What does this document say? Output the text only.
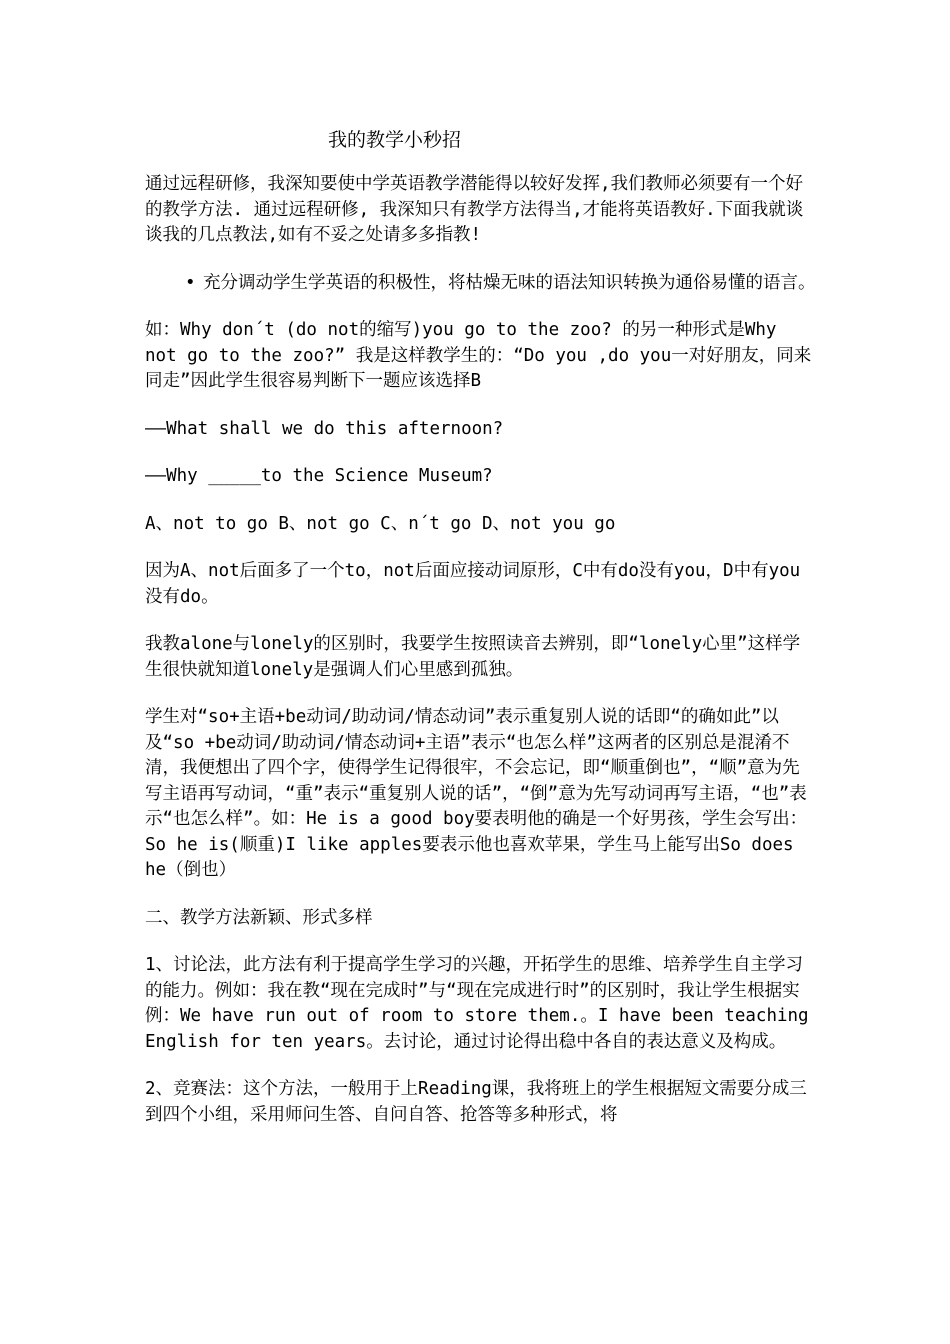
我的教学小秒招

通过远程研修，我深知要使中学英语教学潜能得以较好发挥,我们教师必须要有一个好的教学方法. 通过远程研修, 我深知只有教学方法得当,才能将英语教好.下面我就谈谈我的几点教法,如有不妥之处请多多指教!

• 充分调动学生学英语的积极性，将枯燥无味的语法知识转换为通俗易懂的语言。

如：Why don´t (do not的缩写)you go to the zoo? 的另一种形式是Why not go to the zoo?” 我是这样教学生的：“Do you ,do you一对好朋友，同来同走”因此学生很容易判断下一题应该选择B

——What shall we do this afternoon?

——Why _____to the Science Museum?

A、not to go B、not go C、n´t go D、not you go

因为A、not后面多了一个to，not后面应接动词原形，C中有do没有you，D中有you没有do。

我教alone与lonely的区别时，我要学生按照读音去辨别，即“lonely心里”这样学生很快就知道lonely是强调人们心里感到孤独。

学生对“so+主语+be动词/助动词/情态动词”表示重复别人说的话即“的确如此”以及“so +be动词/助动词/情态动词+主语”表示“也怎么样”这两者的区别总是混淆不清，我便想出了四个字，使得学生记得很牢，不会忘记，即“顺重倒也”，“顺”意为先写主语再写动词，“重”表示“重复别人说的话”，“倒”意为先写动词再写主语，“也”表示“也怎么样”。如：He is a good boy要表明他的确是一个好男孩，学生会写出：So he is(顺重)I like apples要表示他也喜欢苹果，学生马上能写出So does he（倒也）

二、教学方法新颖、形式多样

1、讨论法，此方法有利于提高学生学习的兴趣，开拓学生的思维、培养学生自主学习的能力。例如：我在教“现在完成时”与“现在完成进行时”的区别时，我让学生根据实例：We have run out of room to store them.。I have been teaching English for ten years。去讨论，通过讨论得出稳中各自的表达意义及构成。

2、竞赛法：这个方法，一般用于上Reading课，我将班上的学生根据短文需要分成三到四个小组，采用师问生答、自问自答、抢答等多种形式，将
